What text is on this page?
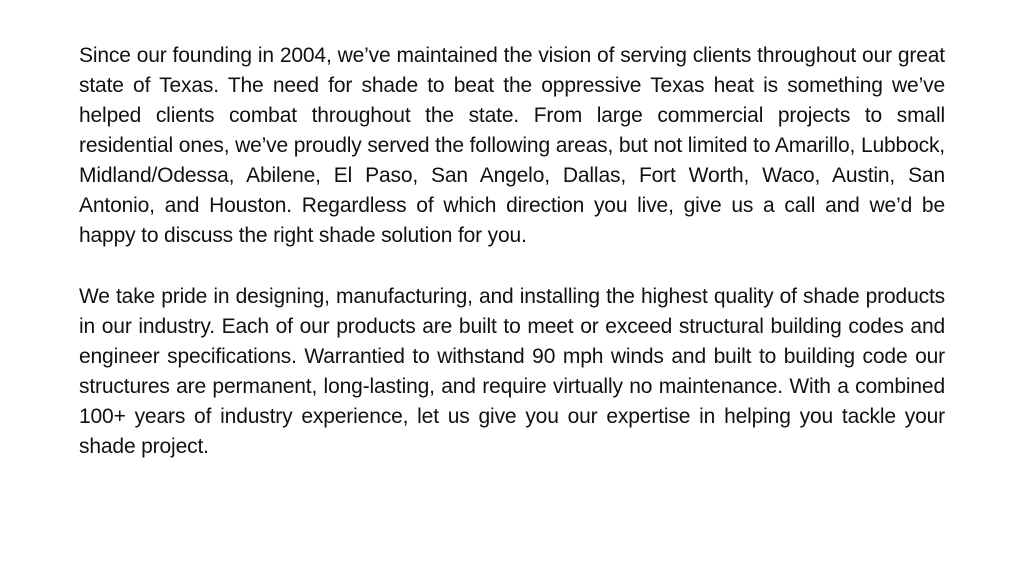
Since our founding in 2004, we’ve maintained the vision of serving clients throughout our great state of Texas. The need for shade to beat the oppressive Texas heat is something we’ve helped clients combat throughout the state. From large commercial projects to small residential ones, we’ve proudly served the following areas, but not limited to Amarillo, Lubbock, Midland/Odessa, Abilene, El Paso, San Angelo, Dallas, Fort Worth, Waco, Austin, San Antonio, and Houston. Regardless of which direction you live, give us a call and we’d be happy to discuss the right shade solution for you.

We take pride in designing, manufacturing, and installing the highest quality of shade products in our industry. Each of our products are built to meet or exceed structural building codes and engineer specifications. Warrantied to withstand 90 mph winds and built to building code our structures are permanent, long-lasting, and require virtually no maintenance. With a combined 100+ years of industry experience, let us give you our expertise in helping you tackle your shade project.
